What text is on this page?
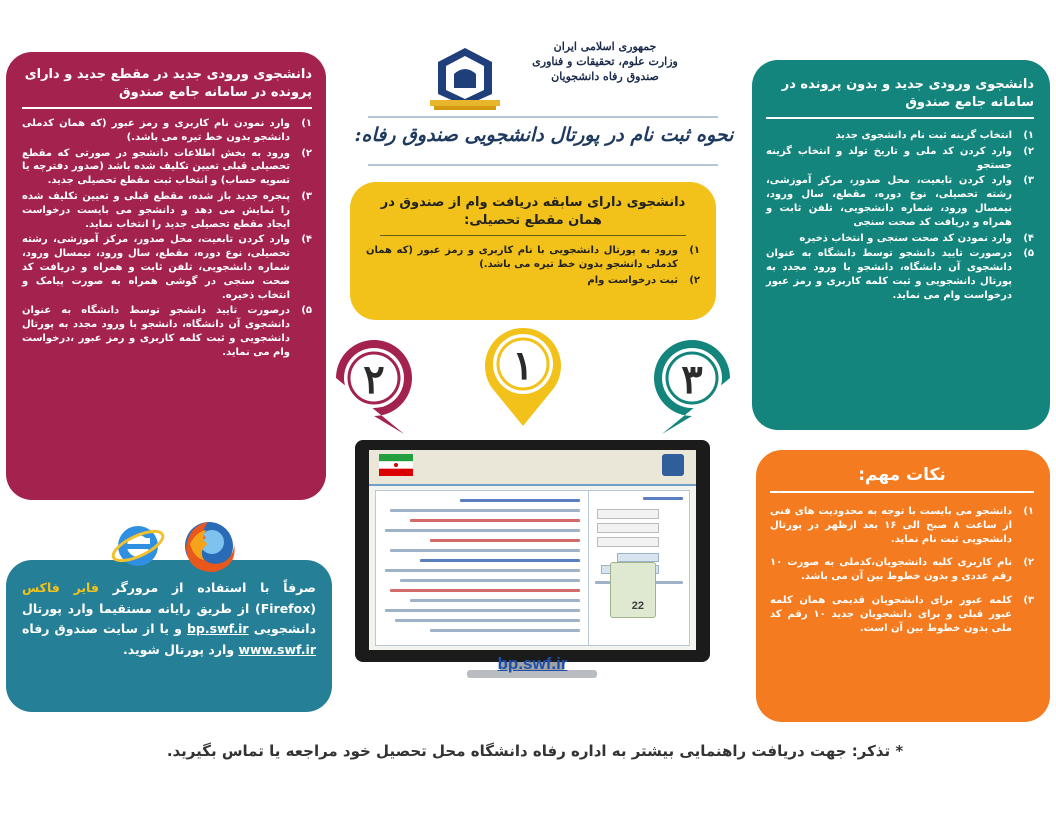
جمهوری اسلامی ایران
وزارت علوم، تحقیقات و فناوری
صندوق رفاه دانشجویان
نحوه ثبت نام در پورتال دانشجویی صندوق رفاه:
دانشجوی دارای سابقه دریافت وام از صندوق در همان مقطع تحصیلی:
۱)
ورود به پورتال دانشجویی با نام کاربری و رمز عبور (که همان کدملی دانشجو بدون خط تیره می باشد.)
۲)
ثبت درخواست وام
دانشجوی ورودی جدید در مقطع جدید و دارای پرونده در سامانه جامع صندوق
۱)
وارد نمودن نام کاربری و رمز عبور (که همان کدملی دانشجو بدون خط تیره می باشد.)
۲)
ورود به بخش اطلاعات دانشجو در صورتی که مقطع تحصیلی قبلی تعیین تکلیف شده باشد (صدور دفترچه یا تسویه حساب) و انتخاب ثبت مقطع تحصیلی جدید.
۳)
پنجره جدید باز شده، مقطع قبلی و تعیین تکلیف شده را نمایش می دهد و دانشجو می بایست درخواست ایجاد مقطع تحصیلی جدید را انتخاب نماید.
۴)
وارد کردن تابعیت، محل صدور، مرکز آموزشی، رشته تحصیلی، نوع دوره، مقطع، سال ورود، نیمسال ورود، شماره دانشجویی، تلفن ثابت و همراه و دریافت کد صحت سنجی در گوشی همراه به صورت پیامک و انتخاب ذخیره.
۵)
درصورت تایید دانشجو توسط دانشگاه به عنوان دانشجوی آن دانشگاه، دانشجو با ورود مجدد به پورتال دانشجویی و ثبت کلمه کاربری و رمز عبور ،درخواست وام می نماید.
دانشجوی ورودی جدید و بدون پرونده در سامانه جامع صندوق
۱)
انتخاب گزینه ثبت نام دانشجوی جدید
۲)
وارد کردن کد ملی و تاریخ تولد و انتخاب گزینه جستجو
۳)
وارد کردن تابعیت، محل صدور، مرکز آموزشی، رشته تحصیلی، نوع دوره، مقطع، سال ورود، نیمسال ورود، شماره دانشجویی، تلفن ثابت و همراه و دریافت کد صحت سنجی
۴)
وارد نمودن کد صحت سنجی و انتخاب ذخیره
۵)
درصورت تایید دانشجو توسط دانشگاه به عنوان دانشجوی آن دانشگاه، دانشجو با ورود مجدد به پورتال دانشجویی و ثبت کلمه کاربری و رمز عبور درخواست وام می نماید.
نکات مهم:
۱)
دانشجو می بایست با توجه به محدودیت های فنی از ساعت ۸ صبح الی ۱۶ بعد ازظهر در پورتال دانشجویی ثبت نام نماید.
۲)
نام کاربری کلیه دانشجویان،کدملی به صورت ۱۰ رقم عددی و بدون خطوط بین آن می باشد.
۳)
کلمه عبور برای دانشجویان قدیمی همان کلمه عبور قبلی و برای دانشجویان جدید ۱۰ رقم کد ملی بدون خطوط بین آن است.

صرفاً با استفاده از مرورگر فایر فاکس (Firefox) از طریق رایانه مستقیما وارد پورتال دانشجویی bp.swf.ir و یا از سایت صندوق رفاه www.swf.ir وارد پورتال شوید.

۲	۱	۳
22
bp.swf.ir
* تذکر: جهت دریافت راهنمایی بیشتر به اداره رفاه دانشگاه محل تحصیل خود مراجعه یا تماس بگیرید.
